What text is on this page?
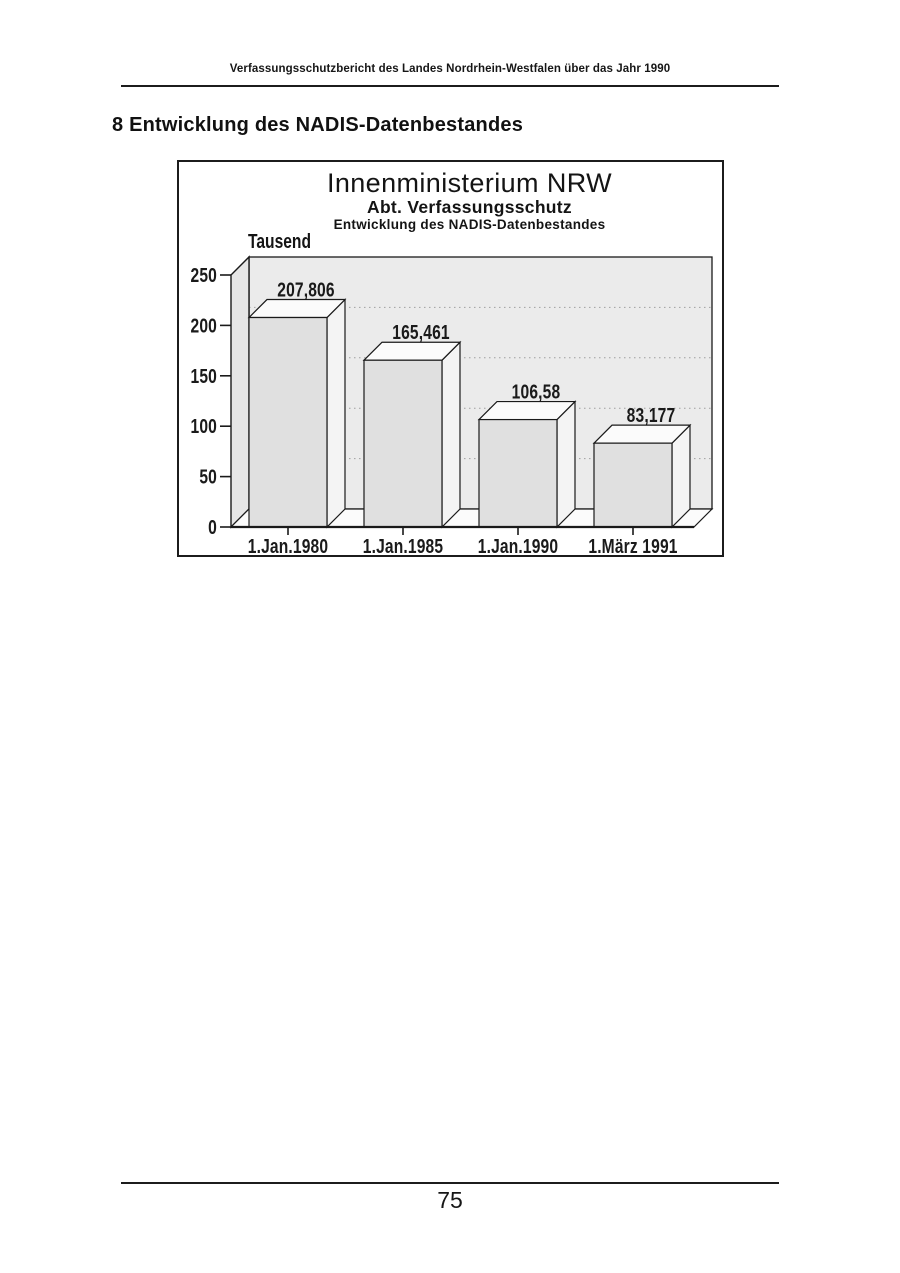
Verfassungsschutzbericht des Landes Nordrhein-Westfalen über das Jahr 1990
8 Entwicklung des NADIS-Datenbestandes
207,806
165,461
106,58
83,177
0
50
100
150
200
250
1.Jan.1980 1.Jan.1985 1.Jan.1990 1.März 1991
Innenministerium NRW
Abt. Verfassungsschutz
Entwicklung des NADIS-Datenbestandes
Tausend
75
